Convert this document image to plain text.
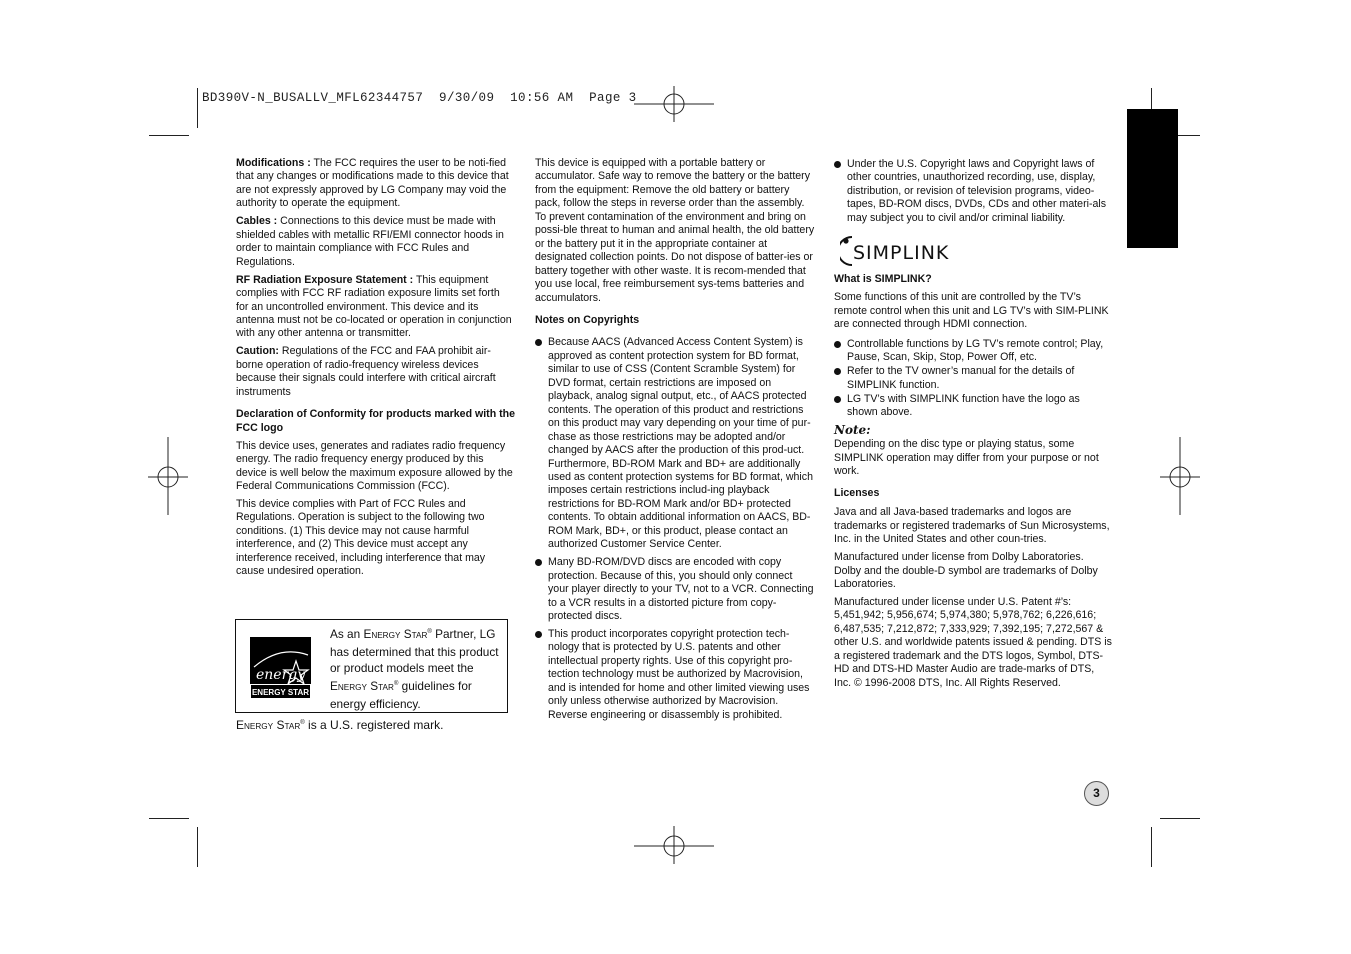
BD390V-N_BUSALLV_MFL62344757  9/30/09  10:56 AM  Page 3

Modifications : The FCC requires the user to be noti-fied that any changes or modifications made to this device that are not expressly approved by LG Company may void the authority to operate the equipment.

Cables : Connections to this device must be made with shielded cables with metallic RFI/EMI connector hoods in order to maintain compliance with FCC Rules and Regulations.

RF Radiation Exposure Statement : This equipment complies with FCC RF radiation exposure limits set forth for an uncontrolled environment. This device and its antenna must not be co-located or operation in conjunction with any other antenna or transmitter.

Caution: Regulations of the FCC and FAA prohibit air-borne operation of radio-frequency wireless devices because their signals could interfere with critical aircraft instruments

Declaration of Conformity for products marked with the FCC logo

This device uses, generates and radiates radio frequency energy. The radio frequency energy produced by this device is well below the maximum exposure allowed by the Federal Communications Commission (FCC).

This device complies with Part of FCC Rules and Regulations. Operation is subject to the following two conditions. (1) This device may not cause harmful interference, and (2) This device must accept any interference received, including interference that may cause undesired operation.

energy
ENERGY STAR
As an ENERGY STAR® Partner, LG has determined that this product or product models meet the ENERGY STAR® guidelines for energy efficiency.
ENERGY STAR® is a U.S. registered mark.

This device is equipped with a portable battery or accumulator. Safe way to remove the battery or the battery from the equipment: Remove the old battery or battery pack, follow the steps in reverse order than the assembly. To prevent contamination of the environment and bring on possi-ble threat to human and animal health, the old battery or the battery put it in the appropriate container at designated collection points. Do not dispose of batter-ies or battery together with other waste. It is recom-mended that you use local, free reimbursement sys-tems batteries and accumulators.

Notes on Copyrights

Because AACS (Advanced Access Content System) is approved as content protection system for BD format, similar to use of CSS (Content Scramble System) for DVD format, certain restrictions are imposed on playback, analog signal output, etc., of AACS protected contents. The operation of this product and restrictions on this product may vary depending on your time of pur-chase as those restrictions may be adopted and/or changed by AACS after the production of this prod-uct. Furthermore, BD-ROM Mark and BD+ are additionally used as content protection systems for BD format, which imposes certain restrictions includ-ing playback restrictions for BD-ROM Mark and/or BD+ protected contents. To obtain additional information on AACS, BD-ROM Mark, BD+, or this product, please contact an authorized Customer Service Center.
Many BD-ROM/DVD discs are encoded with copy protection. Because of this, you should only connect your player directly to your TV, not to a VCR. Connecting to a VCR results in a distorted picture from copy-protected discs.
This product incorporates copyright protection tech-nology that is protected by U.S. patents and other intellectual property rights. Use of this copyright pro-tection technology must be authorized by Macrovision, and is intended for home and other limited viewing uses only unless otherwise authorized by Macrovision. Reverse engineering or disassembly is prohibited.
Under the U.S. Copyright laws and Copyright laws of other countries, unauthorized recording, use, display, distribution, or revision of television programs, video-tapes, BD-ROM discs, DVDs, CDs and other materi-als may subject you to civil and/or criminal liability.
SIMPLINK

What is SIMPLINK?

Some functions of this unit are controlled by the TV’s remote control when this unit and LG TV’s with SIM-PLINK are connected through HDMI connection.

Controllable functions by LG TV’s remote control; Play, Pause, Scan, Skip, Stop, Power Off, etc.
Refer to the TV owner’s manual for the details of SIMPLINK function.
LG TV’s with SIMPLINK function have the logo as shown above.
Note:

Depending on the disc type or playing status, some SIMPLINK operation may differ from your purpose or not work.

Licenses

Java and all Java-based trademarks and logos are trademarks or registered trademarks of Sun Microsystems, Inc. in the United States and other coun-tries.

Manufactured under license from Dolby Laboratories. Dolby and the double-D symbol are trademarks of Dolby Laboratories.

Manufactured under license under U.S. Patent #’s: 5,451,942; 5,956,674; 5,974,380; 5,978,762; 6,226,616; 6,487,535; 7,212,872; 7,333,929; 7,392,195; 7,272,567 & other U.S. and worldwide patents issued & pending. DTS is a registered trademark and the DTS logos, Symbol, DTS-HD and DTS-HD Master Audio are trade-marks of DTS, Inc. © 1996-2008 DTS, Inc. All Rights Reserved.

3
